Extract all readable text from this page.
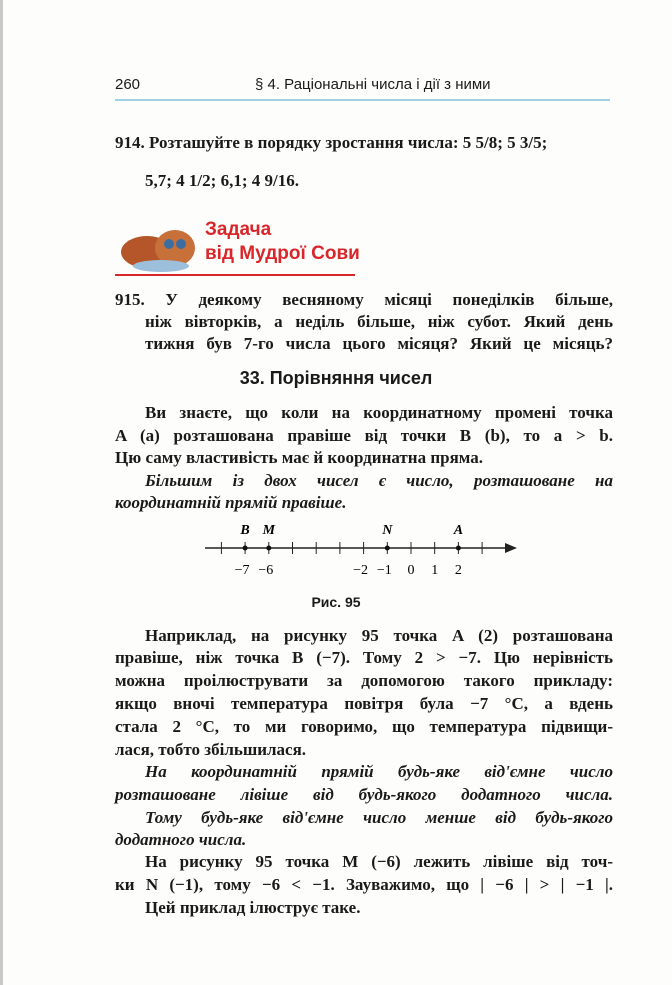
260	§ 4. Раціональні числа і дії з ними
914. Розташуйте в порядку зростання числа: 5 5/8; 5 3/5;
5,7; 4 1/2; 6,1; 4 9/16.
Задача
від Мудрої Сови
915. У деякому весняному місяці понеділків більше,
ніж вівторків, а неділь більше, ніж субот. Який день
тижня був 7-го числа цього місяця? Який це місяць?
33. Порівняння чисел
Ви знаєте, що коли на координатному промені точка
A (a) розташована правіше від точки B (b), то a > b.
Цю саму властивість має й координатна пряма.
Більшим із двох чисел є число, розташоване на
координатній прямій правіше.
B M	N	A
−7 −6	−2 −1 0 1 2
Рис. 95
Наприклад, на рисунку 95 точка A (2) розташована
правіше, ніж точка B (−7). Тому 2 > −7. Цю нерівність
можна проілюструвати за допомогою такого прикладу:
якщо вночі температура повітря була −7 °С, а вдень
стала 2 °С, то ми говоримо, що температура підвищи-
лася, тобто збільшилася.
На координатній прямій будь-яке від'ємне число
розташоване лівіше від будь-якого додатного числа.
Тому будь-яке від'ємне число менше від будь-якого
додатного числа.
На рисунку 95 точка M (−6) лежить лівіше від точ-
ки N (−1), тому −6 < −1. Зауважимо, що | −6 | > | −1 |.
Цей приклад ілюструє таке.
